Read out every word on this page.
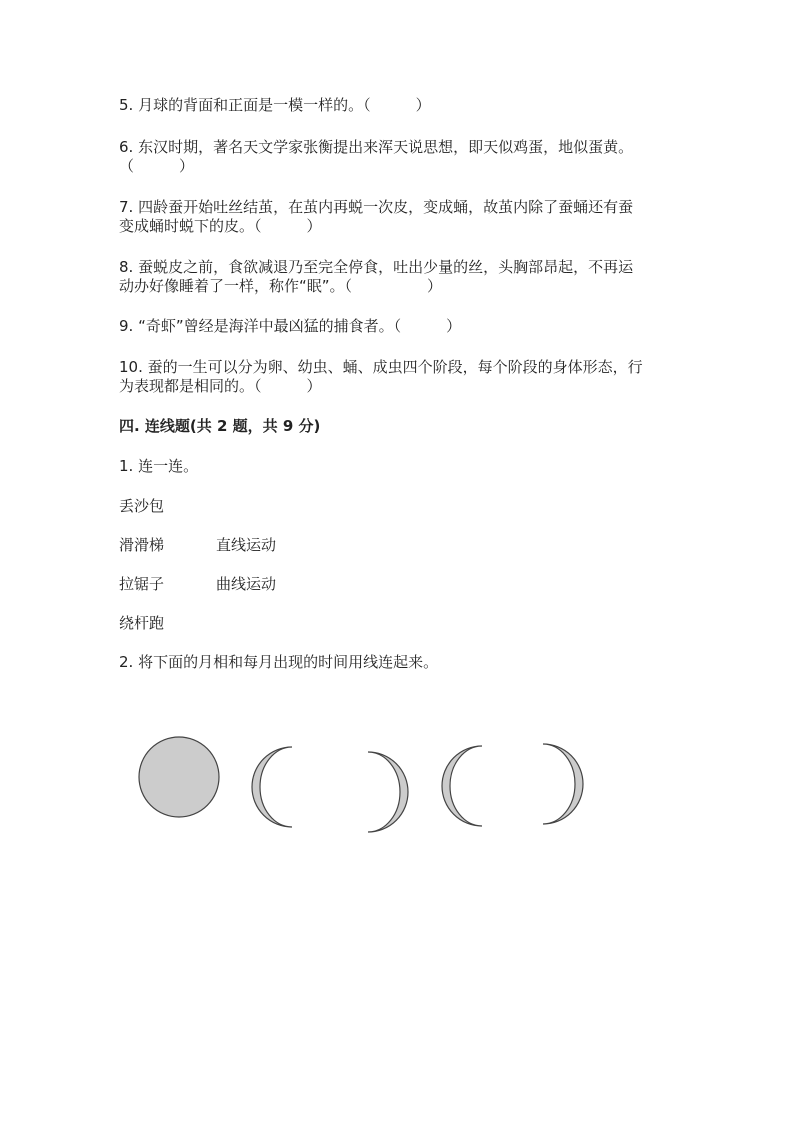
5. 月球的背面和正面是一模一样的。（　　　）
6. 东汉时期，著名天文学家张衡提出来浑天说思想，即天似鸡蛋，地似蛋黄。
（　　　）
7. 四龄蚕开始吐丝结茧，在茧内再蜕一次皮，变成蛹，故茧内除了蚕蛹还有蚕
变成蛹时蜕下的皮。（　　　）
8. 蚕蜕皮之前，食欲减退乃至完全停食，吐出少量的丝，头胸部昂起，不再运
动办好像睡着了一样，称作“眠”。（　　　　　）
9. “奇虾”曾经是海洋中最凶猛的捕食者。（　　　）
10. 蚕的一生可以分为卵、幼虫、蛹、成虫四个阶段，每个阶段的身体形态，行
为表现都是相同的。（　　　）
四. 连线题(共 2 题，共 9 分)
1. 连一连。
丢沙包
滑滑梯	直线运动
拉锯子	曲线运动
绕杆跑
2. 将下面的月相和每月出现的时间用线连起来。
